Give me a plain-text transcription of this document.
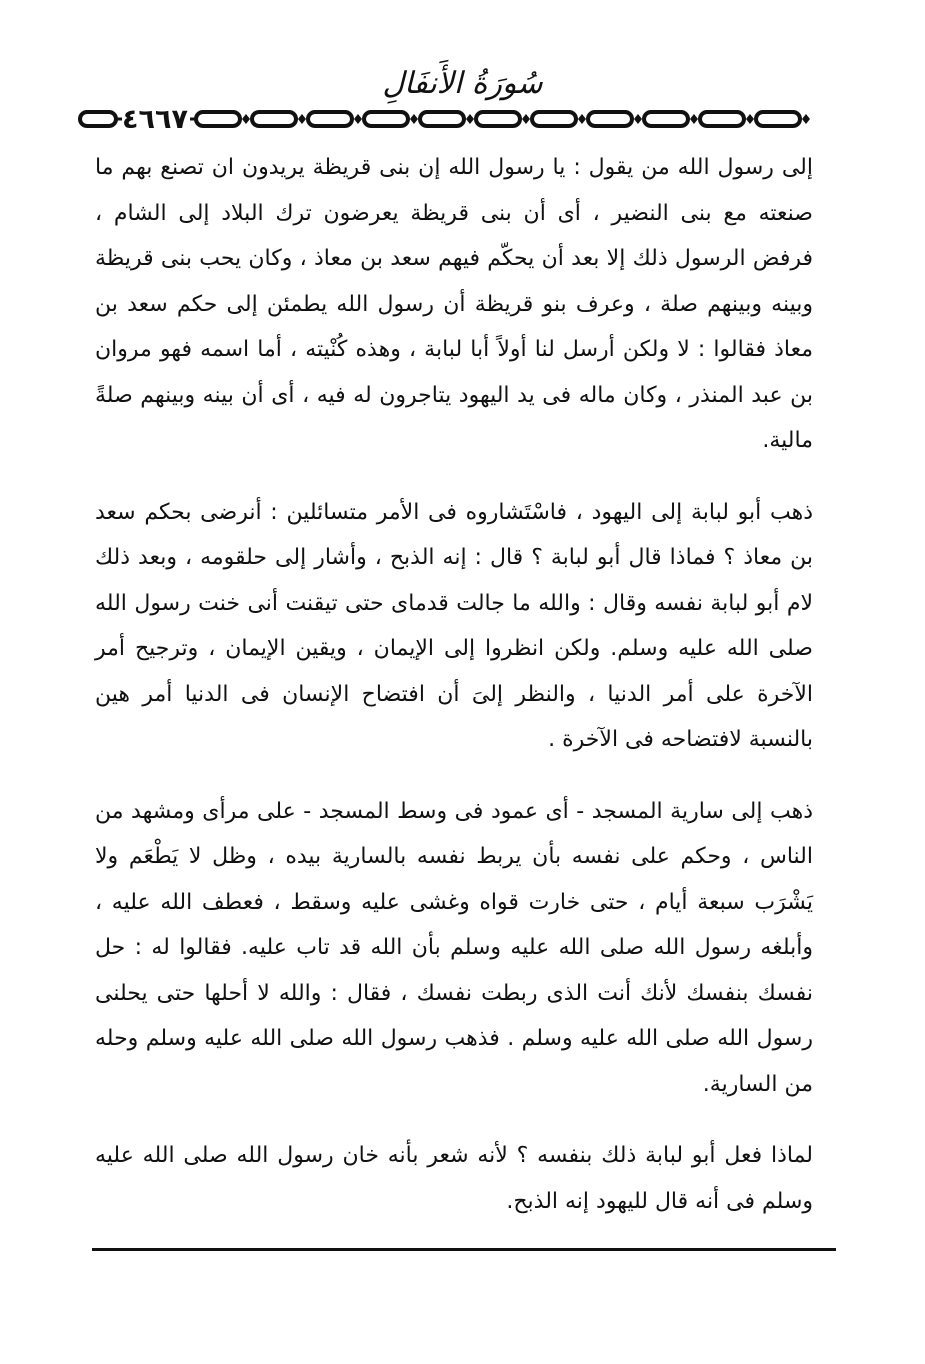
سُورَةُ الأَنفَالِ
٤٦٦٧

إلى رسول الله من يقول : يا رسول الله إن بنى قريظة يريدون ان تصنع بهم ما صنعته مع بنى النضير ، أى أن بنى قريظة يعرضون ترك البلاد إلى الشام ، فرفض الرسول ذلك إلا بعد أن يحكّم فيهم سعد بن معاذ ، وكان يحب بنى قريظة وبينه وبينهم صلة ، وعرف بنو قريظة أن رسول الله يطمئن إلى حكم سعد بن معاذ فقالوا : لا ولكن أرسل لنا أولاً أبا لبابة ، وهذه كُنْيته ، أما اسمه فهو مروان بن عبد المنذر ، وكان ماله فى يد اليهود يتاجرون له فيه ، أى أن بينه وبينهم صلةً مالية.

ذهب أبو لبابة إلى اليهود ، فاسْتَشاروه فى الأمر متسائلين : أنرضى بحكم سعد بن معاذ ؟ فماذا قال أبو لبابة ؟ قال : إنه الذبح ، وأشار إلى حلقومه ، وبعد ذلك لام أبو لبابة نفسه وقال : والله ما جالت قدماى حتى تيقنت أنى خنت رسول الله صلى الله عليه وسلم. ولكن انظروا إلى الإيمان ، ويقين الإيمان ، وترجيح أمر الآخرة على أمر الدنيا ، والنظر إلىَ أن افتضاح الإنسان فى الدنيا أمر هين بالنسبة لافتضاحه فى الآخرة .

ذهب إلى سارية المسجد - أى عمود فى وسط المسجد - على مرأى ومشهد من الناس ، وحكم على نفسه بأن يربط نفسه بالسارية بيده ، وظل لا يَطْعَم ولا يَشْرَب سبعة أيام ، حتى خارت قواه وغشى عليه وسقط ، فعطف الله عليه ، وأبلغه رسول الله صلى الله عليه وسلم بأن الله قد تاب عليه. فقالوا له : حل نفسك بنفسك لأنك أنت الذى ربطت نفسك ، فقال : والله لا أحلها حتى يحلنى رسول الله صلى الله عليه وسلم . فذهب رسول الله صلى الله عليه وسلم وحله من السارية.

لماذا فعل أبو لبابة ذلك بنفسه ؟ لأنه شعر بأنه خان رسول الله صلى الله عليه وسلم فى أنه قال لليهود إنه الذبح.
